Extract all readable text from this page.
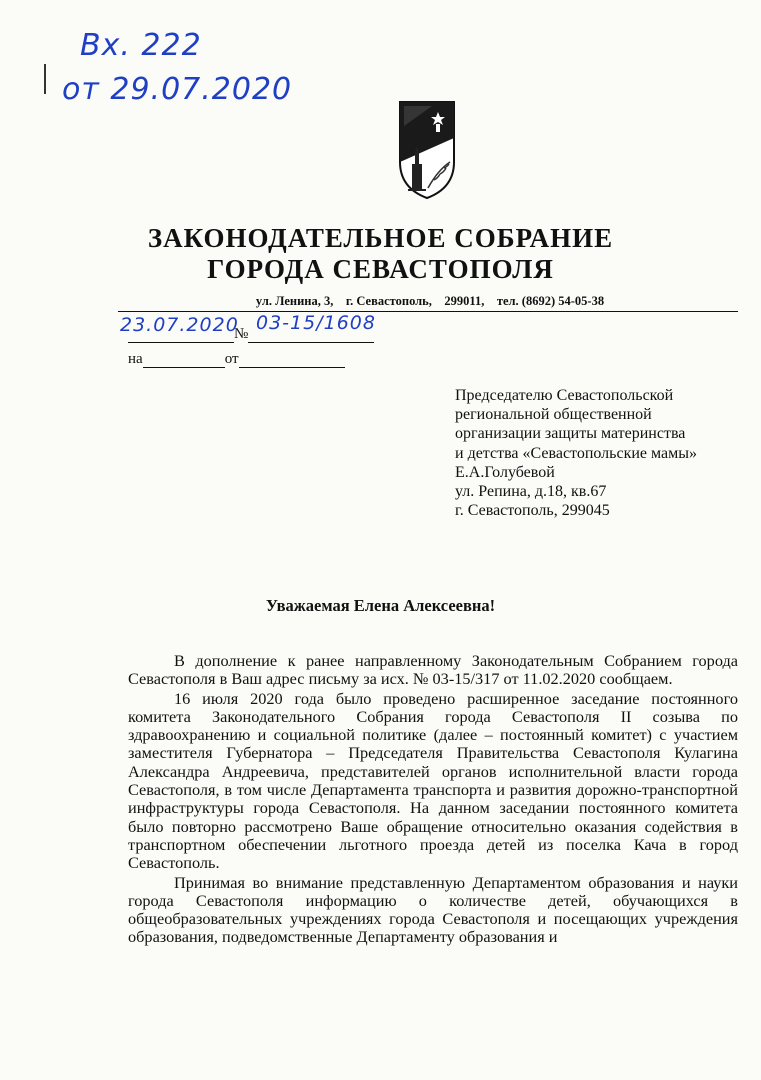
Вх. 222
от 29.07.2020
ЗАКОНОДАТЕЛЬНОЕ СОБРАНИЕ
ГОРОДА СЕВАСТОПОЛЯ
ул. Ленина, 3,    г. Севастополь,    299011,    тел. (8692) 54-05-38
№
23.07.2020 03-15/1608
на	от
Председателю Севастопольской
региональной общественной
организации защиты материнства
и детства «Севастопольские мамы»
Е.А.Голубевой
ул. Репина, д.18, кв.67
г. Севастополь, 299045
Уважаемая Елена Алексеевна!

В дополнение к ранее направленному Законодательным Собранием города Севастополя в Ваш адрес письму за исх. № 03-15/317 от 11.02.2020 сообщаем.

16 июля 2020 года было проведено расширенное заседание постоянного комитета Законодательного Собрания города Севастополя II созыва по здравоохранению и социальной политике (далее – постоянный комитет) с участием заместителя Губернатора – Председателя Правительства Севастополя Кулагина Александра Андреевича, представителей органов исполнительной власти города Севастополя, в том числе Департамента транспорта и развития дорожно-транспортной инфраструктуры города Севастополя. На данном заседании постоянного комитета было повторно рассмотрено Ваше обращение относительно оказания содействия в транспортном обеспечении льготного проезда детей из поселка Кача в город Севастополь.

Принимая во внимание представленную Департаментом образования и науки города Севастополя информацию о количестве детей, обучающихся в общеобразовательных учреждениях города Севастополя и посещающих учреждения образования, подведомственные Департаменту образования и
